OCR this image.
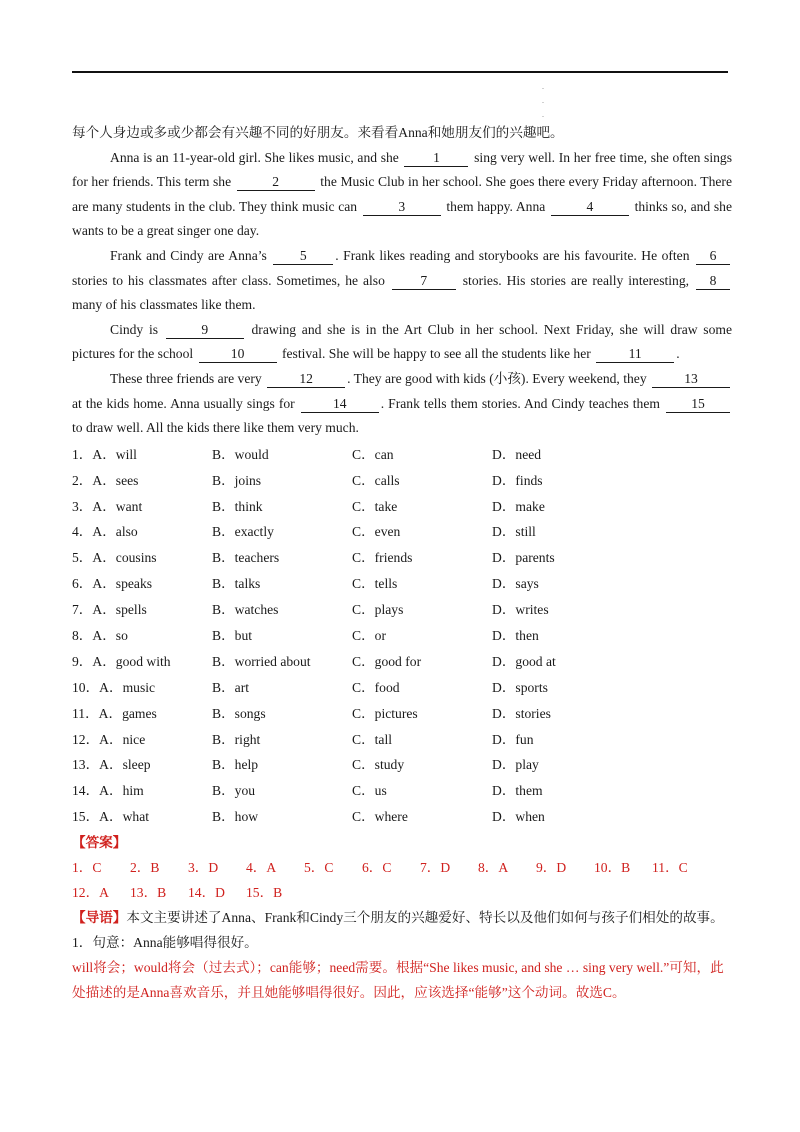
.
.
.

每个人身边或多或少都会有兴趣不同的好朋友。来看看Anna和她朋友们的兴趣吧。

Anna is an 11-year-old girl. She likes music, and she 1 sing very well. In her free time, she often sings for her friends. This term she	2	the Music Club in her school. She goes there every Friday afternoon. There are many students in the club. They think music can	3	them happy. Anna	4	thinks so, and she wants to be a great singer one day.

Frank and Cindy are Anna’s 5 . Frank likes reading and storybooks are his favourite. He often 6 stories to his classmates after class. Sometimes, he also 7 stories. His stories are really interesting, 8 many of his classmates like them.

Cindy is	9	drawing and she is in the Art Club in her school. Next Friday, she will draw some pictures for the school	10	festival. She will be happy to see all the students like her	11	.

These three friends are very	12	. They are good with kids (小孩). Every weekend, they	13 at the kids home. Anna usually sings for	14	. Frank tells them stories. And Cindy teaches them 15 to draw well. All the kids there like them very much.

1．A．will	B．would	C．can	D．need
2．A．sees	B．joins	C．calls	D．finds
3．A．want	B．think	C．take	D．make
4．A．also	B．exactly	C．even	D．still
5．A．cousins	B．teachers	C．friends	D．parents
6．A．speaks	B．talks	C．tells	D．says
7．A．spells	B．watches	C．plays	D．writes
8．A．so	B．but	C．or	D．then
9．A．good with	B．worried about	C．good for	D．good at
10．A．music	B．art	C．food	D．sports
11．A．games	B．songs	C．pictures	D．stories
12．A．nice	B．right	C．tall	D．fun
13．A．sleep	B．help	C．study	D．play
14．A．him	B．you	C．us	D．them
15．A．what	B．how	C．where	D．when
【答案】
1．C	2．B	3．D	4．A	5．C	6．C	7．D	8．A	9．D	10．B 11．C
12．A 13．B 14．D 15．B

【导语】本文主要讲述了Anna、Frank和Cindy三个朋友的兴趣爱好、特长以及他们如何与孩子们相处的故事。

1．句意：Anna能够唱得很好。

will将会；would将会（过去式）；can能够；need需要。根据“She likes music, and she … sing very well.”可知，此处描述的是Anna喜欢音乐，并且她能够唱得很好。因此，应该选择“能够”这个动词。故选C。
